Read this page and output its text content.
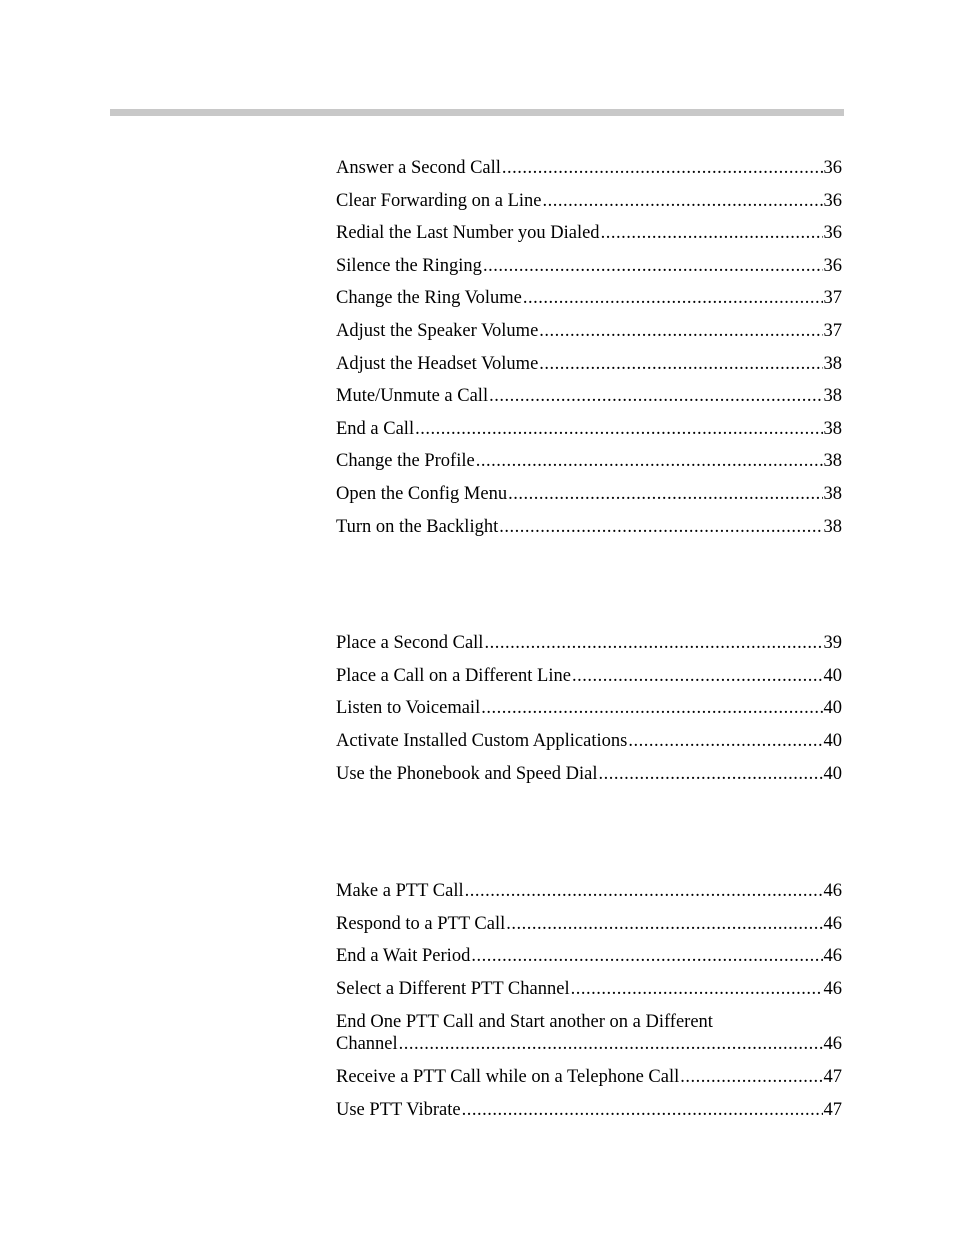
Answer a Second Call .....	36
Clear Forwarding on a Line .....	36
Redial the Last Number you Dialed .....	36
Silence the Ringing .....	36
Change the Ring Volume .....	37
Adjust the Speaker Volume .....	37
Adjust the Headset Volume .....	38
Mute/Unmute a Call .....	38
End a Call .....	38
Change the Profile .....	38
Open the Config Menu .....	38
Turn on the Backlight .....	38
Place a Second Call .....	39
Place a Call on a Different Line .....	40
Listen to Voicemail .....	40
Activate Installed Custom Applications .....	40
Use the Phonebook and Speed Dial .....	40
Make a PTT Call .....	46
Respond to a PTT Call .....	46
End a Wait Period .....	46
Select a Different PTT Channel .....	46
End One PTT Call and Start another on a Different
Channel .....	46
Receive a PTT Call while on a Telephone Call .....	47
Use PTT Vibrate .....	47
